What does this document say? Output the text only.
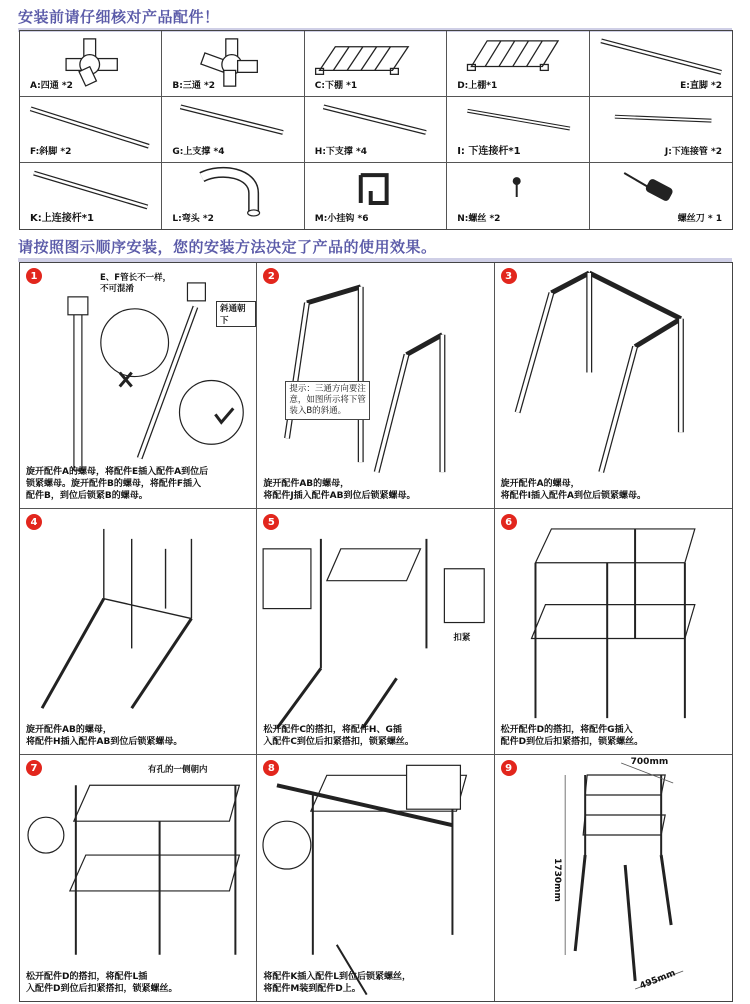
安装前请仔细核对产品配件！
A:四通 *2	B:三通 *2	C:下棚 *1	D:上棚*1	E:直脚 *2
F:斜脚 *2	G:上支撑 *4	H:下支撑 *4	I: 下连接杆*1	J:下连接管 *2
K:上连接杆*1	L:弯头 *2	M:小挂钩 *6	N:螺丝 *2	螺丝刀 * 1
请按照图示顺序安装，您的安装方法决定了产品的使用效果。
1	E、F管长不一样，
不可混淆
斜通朝下
旋开配件A的螺母，将配件E插入配件A到位后
锁紧螺母。旋开配件B的螺母，将配件F插入
配件B，到位后锁紧B的螺母。
2
提示：三通方向要注
意，如图所示将下管
装入B的斜通。
旋开配件AB的螺母，
将配件J插入配件AB到位后锁紧螺母。
3
旋开配件A的螺母，
将配件I插入配件A到位后锁紧螺母。
4
旋开配件AB的螺母，
将配件H插入配件AB到位后锁紧螺母。
5
扣紧
松开配件C的搭扣，将配件H、G插
入配件C到位后扣紧搭扣，锁紧螺丝。
6
松开配件D的搭扣，将配件G插入
配件D到位后扣紧搭扣，锁紧螺丝。
7	有孔的一侧朝内
松开配件D的搭扣，将配件L插
入配件D到位后扣紧搭扣，锁紧螺丝。
8
将配件K插入配件L到位后锁紧螺丝，
将配件M装到配件D上。
9
700mm
1730mm
495mm
